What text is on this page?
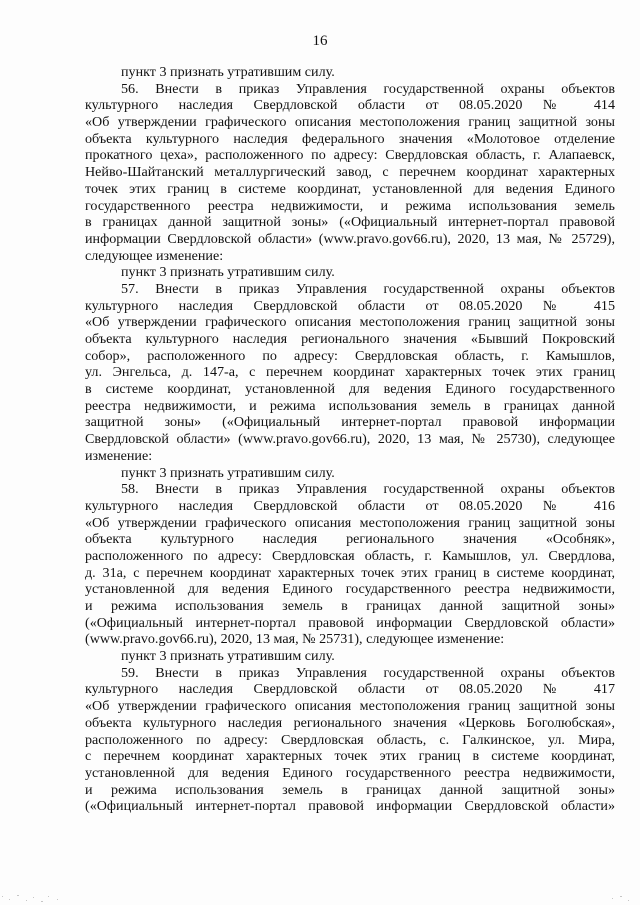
16
пункт 3 признать утратившим силу.
56. Внести в приказ Управления государственной охраны объектов
культурного наследия Свердловской области от 08.05.2020 № 414
«Об утверждении графического описания местоположения границ защитной зоны
объекта культурного наследия федерального значения «Молотовое отделение
прокатного цеха», расположенного по адресу: Свердловская область, г. Алапаевск,
Нейво-Шайтанский металлургический завод, с перечнем координат характерных
точек этих границ в системе координат, установленной для ведения Единого
государственного реестра недвижимости, и режима использования земель
в границах данной защитной зоны» («Официальный интернет-портал правовой
информации Свердловской области» (www.pravo.gov66.ru), 2020, 13 мая, № 25729),
следующее изменение:
пункт 3 признать утратившим силу.
57. Внести в приказ Управления государственной охраны объектов
культурного наследия Свердловской области от 08.05.2020 № 415
«Об утверждении графического описания местоположения границ защитной зоны
объекта культурного наследия регионального значения «Бывший Покровский
собор», расположенного по адресу: Свердловская область, г. Камышлов,
ул. Энгельса, д. 147-а, с перечнем координат характерных точек этих границ
в системе координат, установленной для ведения Единого государственного
реестра недвижимости, и режима использования земель в границах данной
защитной зоны» («Официальный интернет-портал правовой информации
Свердловской области» (www.pravo.gov66.ru), 2020, 13 мая, № 25730), следующее
изменение:
пункт 3 признать утратившим силу.
58. Внести в приказ Управления государственной охраны объектов
культурного наследия Свердловской области от 08.05.2020 № 416
«Об утверждении графического описания местоположения границ защитной зоны
объекта культурного наследия регионального значения «Особняк»,
расположенного по адресу: Свердловская область, г. Камышлов, ул. Свердлова,
д. 31а, с перечнем координат характерных точек этих границ в системе координат,
установленной для ведения Единого государственного реестра недвижимости,
и режима использования земель в границах данной защитной зоны»
(«Официальный интернет-портал правовой информации Свердловской области»
(www.pravo.gov66.ru), 2020, 13 мая, № 25731), следующее изменение:
пункт 3 признать утратившим силу.
59. Внести в приказ Управления государственной охраны объектов
культурного наследия Свердловской области от 08.05.2020 № 417
«Об утверждении графического описания местоположения границ защитной зоны
объекта культурного наследия регионального значения «Церковь Боголюбская»,
расположенного по адресу: Свердловская область, с. Галкинское, ул. Мира,
с перечнем координат характерных точек этих границ в системе координат,
установленной для ведения Единого государственного реестра недвижимости,
и режима использования земель в границах данной защитной зоны»
(«Официальный интернет-портал правовой информации Свердловской области»
